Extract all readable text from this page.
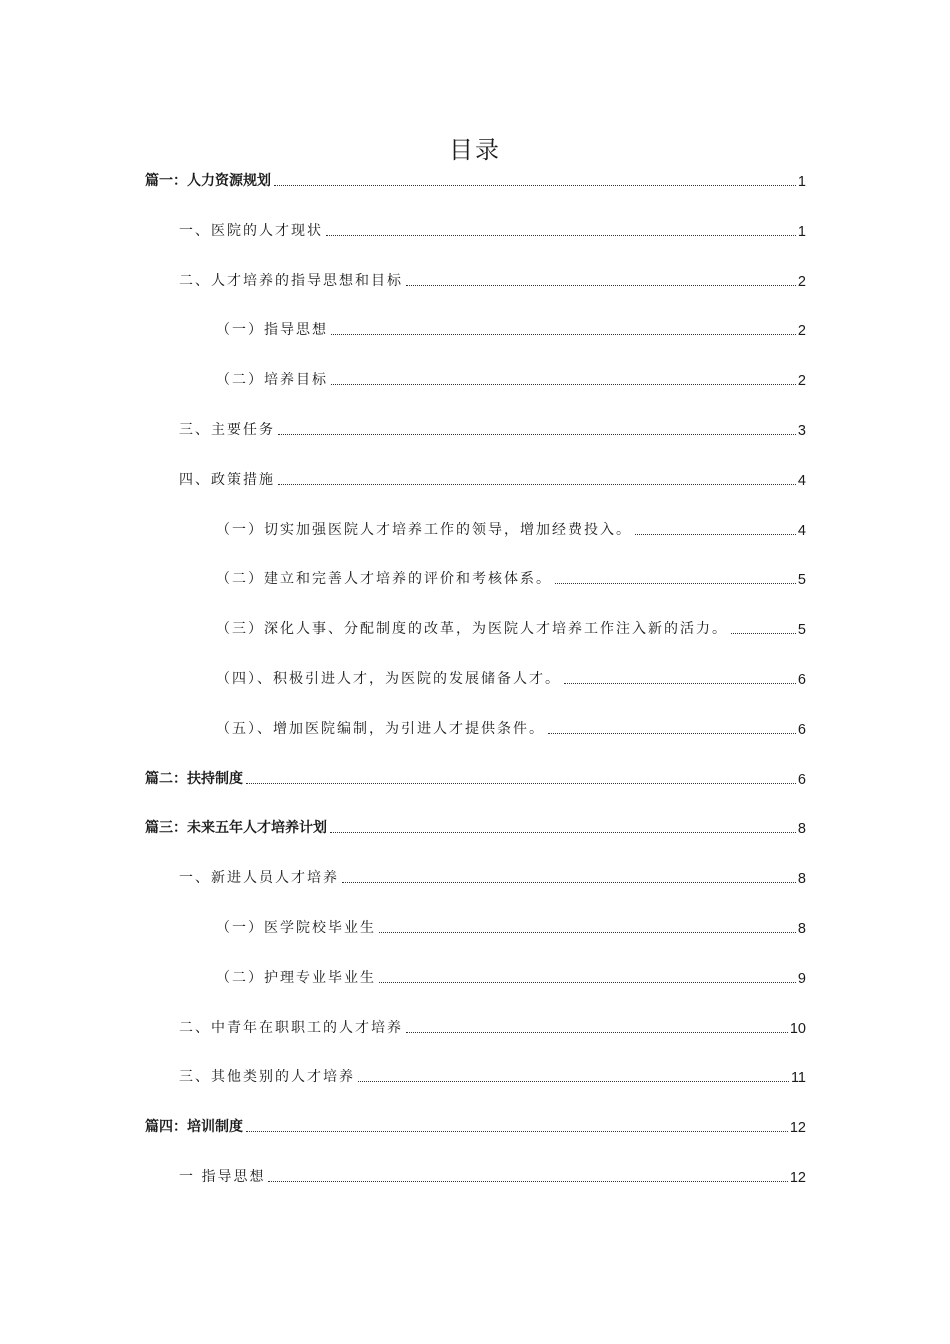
目录
篇一：人力资源规划	1
一、医院的人才现状	1
二、人才培养的指导思想和目标	2
（一）指导思想	2
（二）培养目标	2
三、主要任务	3
四、政策措施	4
（一）切实加强医院人才培养工作的领导，增加经费投入。	4
（二）建立和完善人才培养的评价和考核体系。	5
（三）深化人事、分配制度的改革，为医院人才培养工作注入新的活力。	5
（四）、积极引进人才，为医院的发展储备人才。	6
（五）、增加医院编制，为引进人才提供条件。	6
篇二：扶持制度	6
篇三：未来五年人才培养计划	8
一、新进人员人才培养	8
（一）医学院校毕业生	8
（二）护理专业毕业生	9
二、中青年在职职工的人才培养	10
三、其他类别的人才培养	11
篇四：培训制度	12
一 指导思想	12
